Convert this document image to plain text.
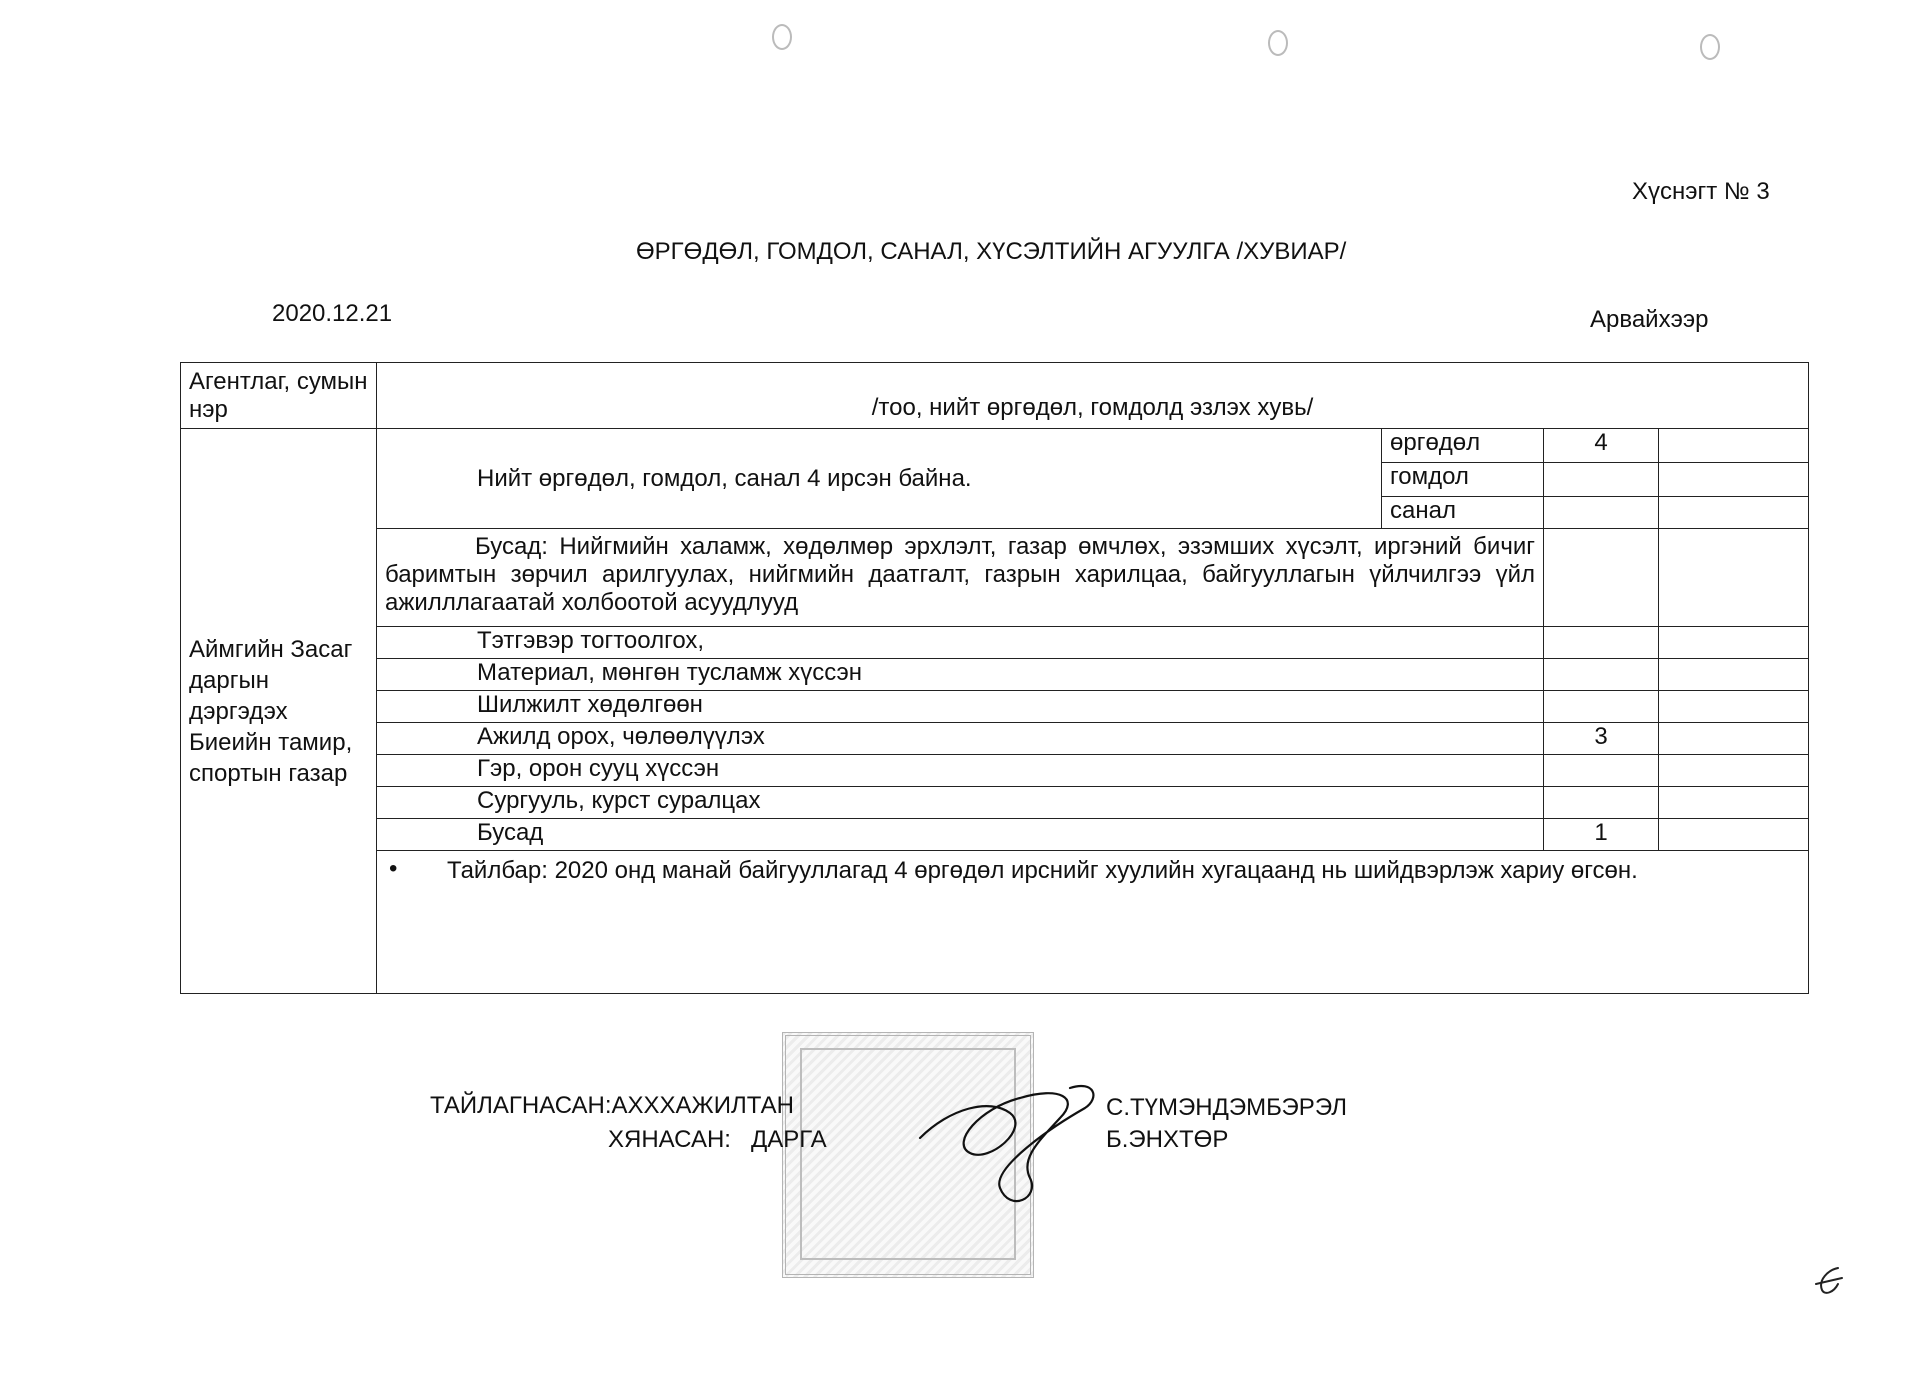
Хүснэгт № 3
ӨРГӨДӨЛ, ГОМДОЛ, САНАЛ, ХҮСЭЛТИЙН АГУУЛГА /ХУВИАР/
2020.12.21	Арвайхээр
Агентлаг, сумын нэр	/тоо, нийт өргөдөл, гомдолд эзлэх хувь/			
Аймгийн Засаг даргын дэргэдэх Биеийн тамир, спортын газар	Нийт өргөдөл, гомдол, санал 4 ирсэн байна.	өргөдөл	4	
		гомдол		
		санал		
	Бусад: Нийгмийн халамж, хөдөлмөр эрхлэлт, газар өмчлөх, эзэмших хүсэлт, иргэний бичиг баримтын зөрчил арилгуулах, нийгмийн даатгалт, газрын харилцаа, байгууллагын үйлчилгээ үйл ажилллагаатай холбоотой асуудлууд			
	Тэтгэвэр тогтоолгох,			
	Материал, мөнгөн тусламж хүссэн			
	Шилжилт хөдөлгөөн			
	Ажилд орох, чөлөөлүүлэх		3	
	Гэр, орон сууц хүссэн			
	Сургууль, курст суралцах			
	Бусад		1	

	• Тайлбар: 2020 онд манай байгууллагад 4 өргөдөл ирснийг хуулийн хугацаанд нь шийдвэрлэж хариу өгсөн.			
ТАЙЛАГНАСАН:АХХХАЖИЛТАН	С.ТҮМЭНДЭМБЭРЭЛ
ХЯНАСАН:   ДАРГА	Б.ЭНХТӨР
